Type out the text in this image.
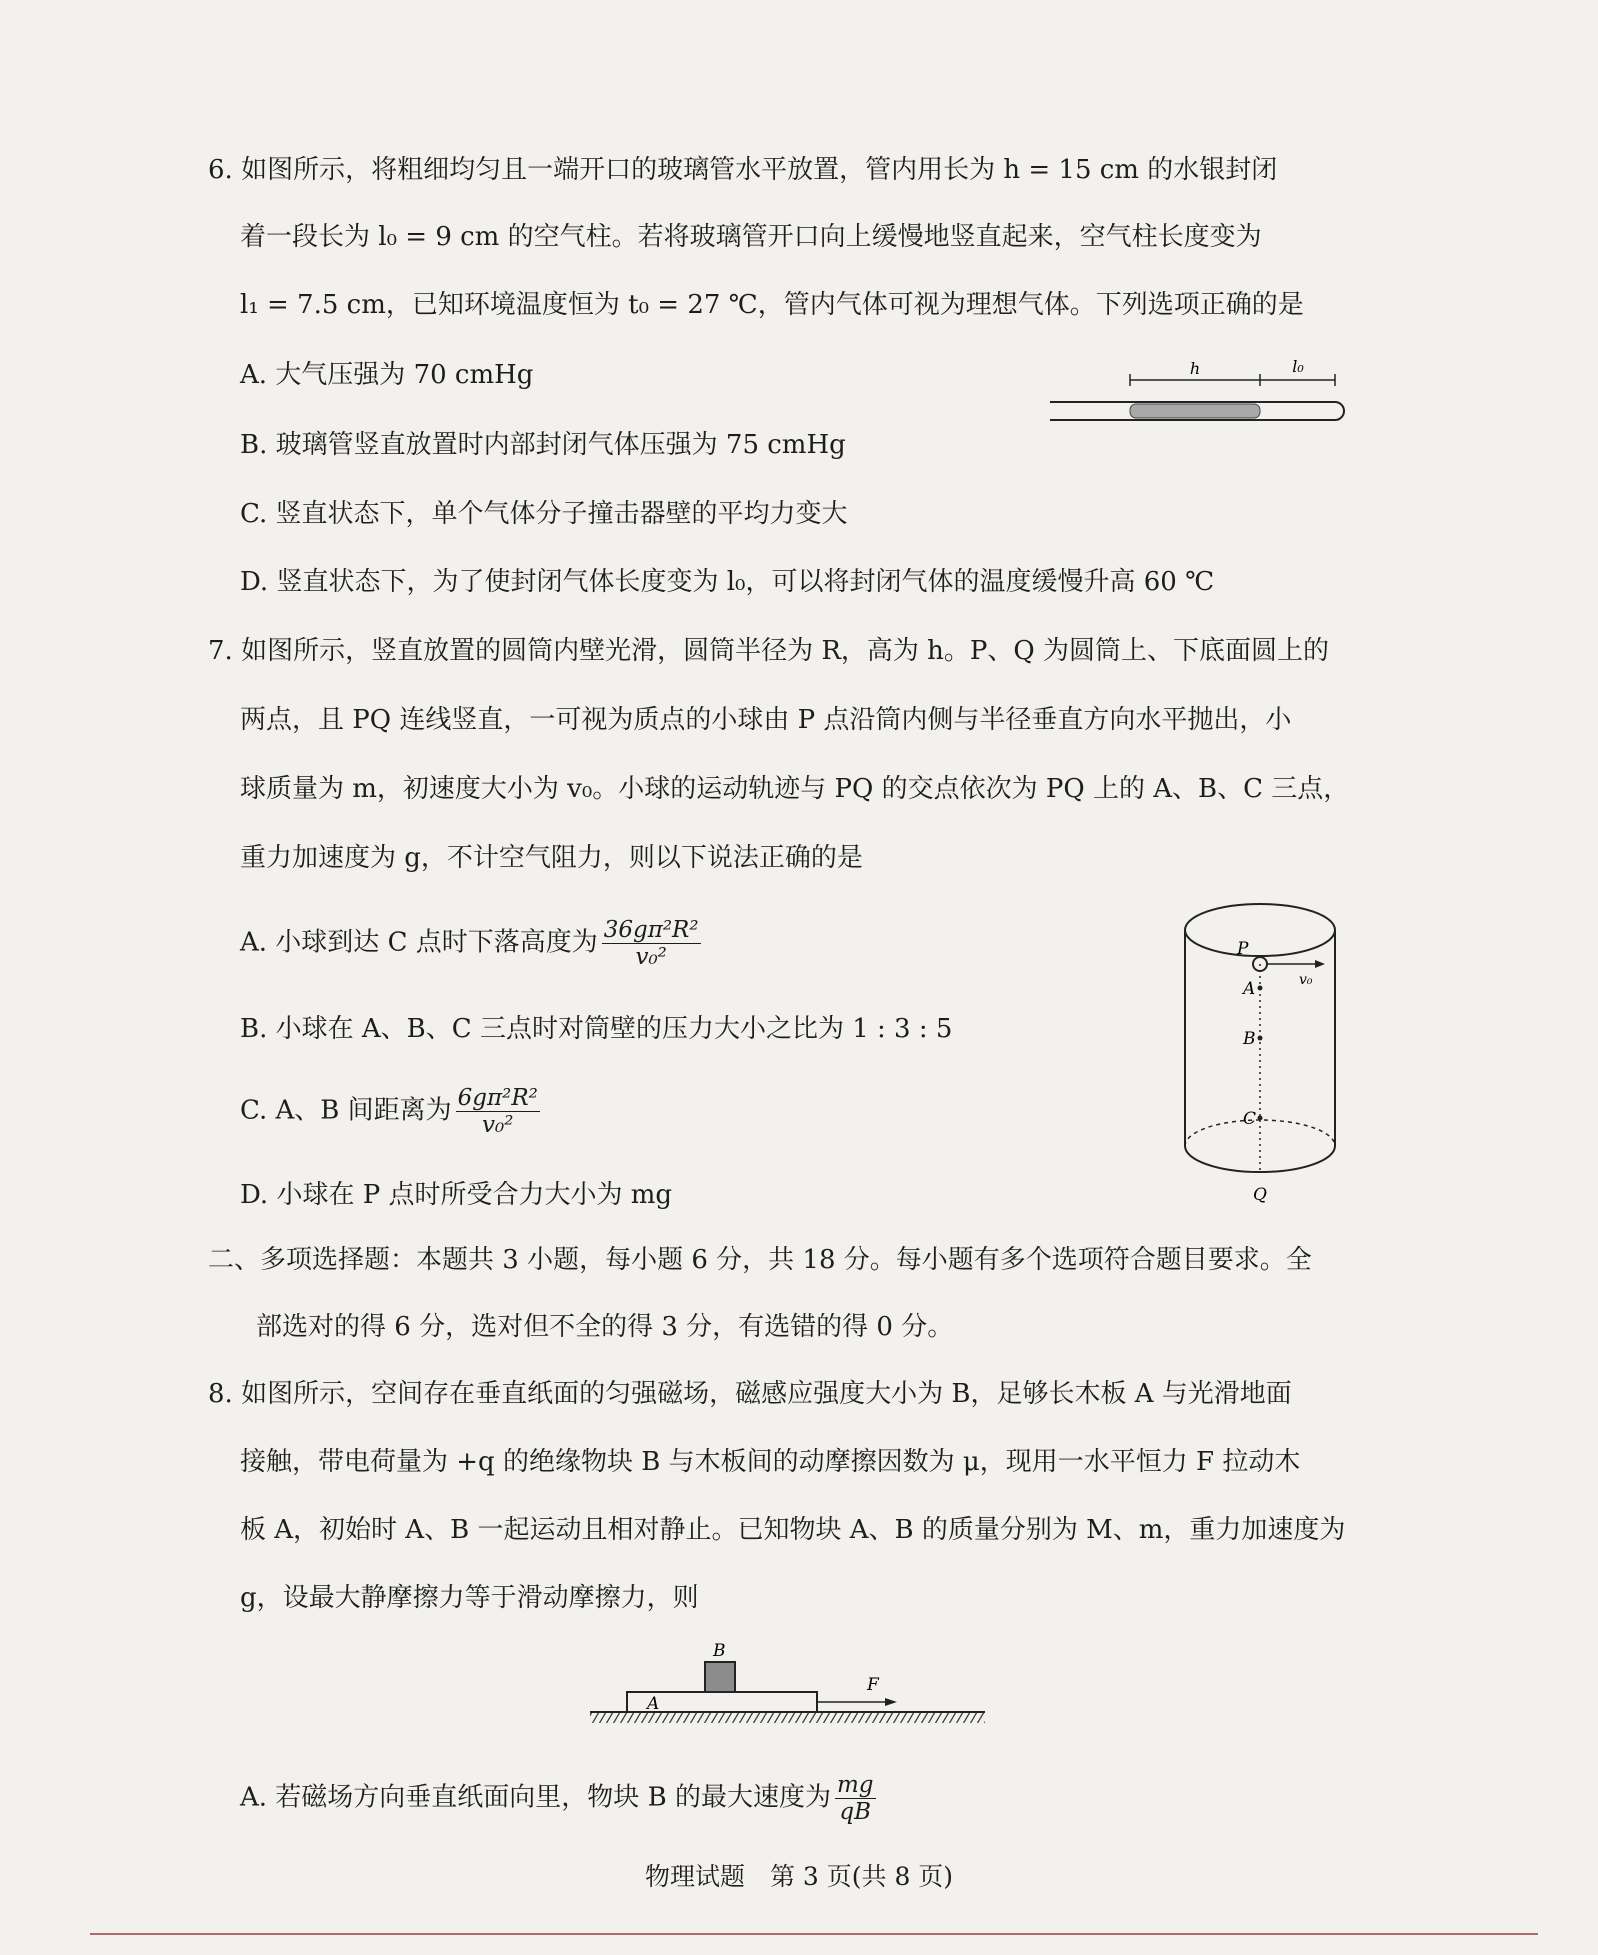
6. 如图所示，将粗细均匀且一端开口的玻璃管水平放置，管内用长为 h = 15 cm 的水银封闭
着一段长为 l₀ = 9 cm 的空气柱。若将玻璃管开口向上缓慢地竖直起来，空气柱长度变为
l₁ = 7.5 cm，已知环境温度恒为 t₀ = 27 ℃，管内气体可视为理想气体。下列选项正确的是
A. 大气压强为 70 cmHg
B. 玻璃管竖直放置时内部封闭气体压强为 75 cmHg
C. 竖直状态下，单个气体分子撞击器壁的平均力变大
D. 竖直状态下，为了使封闭气体长度变为 l₀，可以将封闭气体的温度缓慢升高 60 ℃
h	l₀
7. 如图所示，竖直放置的圆筒内壁光滑，圆筒半径为 R，高为 h。P、Q 为圆筒上、下底面圆上的
两点，且 PQ 连线竖直，一可视为质点的小球由 P 点沿筒内侧与半径垂直方向水平抛出，小
球质量为 m，初速度大小为 v₀。小球的运动轨迹与 PQ 的交点依次为 PQ 上的 A、B、C 三点，
重力加速度为 g，不计空气阻力，则以下说法正确的是
A. 小球到达 C 点时下落高度为 $\frac{\text{36gπ²R²}}{\text{v₀²}}$
B. 小球在 A、B、C 三点时对筒壁的压力大小之比为 1 : 3 : 5
C. A、B 间距离为 $\frac{\text{6gπ²R²}}{\text{v₀²}}$
D. 小球在 P 点时所受合力大小为 mg
P
v₀
A
B
C
Q
二、多项选择题：本题共 3 小题，每小题 6 分，共 18 分。每小题有多个选项符合题目要求。全
部选对的得 6 分，选对但不全的得 3 分，有选错的得 0 分。
8. 如图所示，空间存在垂直纸面的匀强磁场，磁感应强度大小为 B，足够长木板 A 与光滑地面
接触，带电荷量为 +q 的绝缘物块 B 与木板间的动摩擦因数为 μ，现用一水平恒力 F 拉动木
板 A，初始时 A、B 一起运动且相对静止。已知物块 A、B 的质量分别为 M、m，重力加速度为
g，设最大静摩擦力等于滑动摩擦力，则
B
A
F
A. 若磁场方向垂直纸面向里，物块 B 的最大速度为 $\frac{mg}{qB}$
物理试题　第 3 页(共 8 页)
